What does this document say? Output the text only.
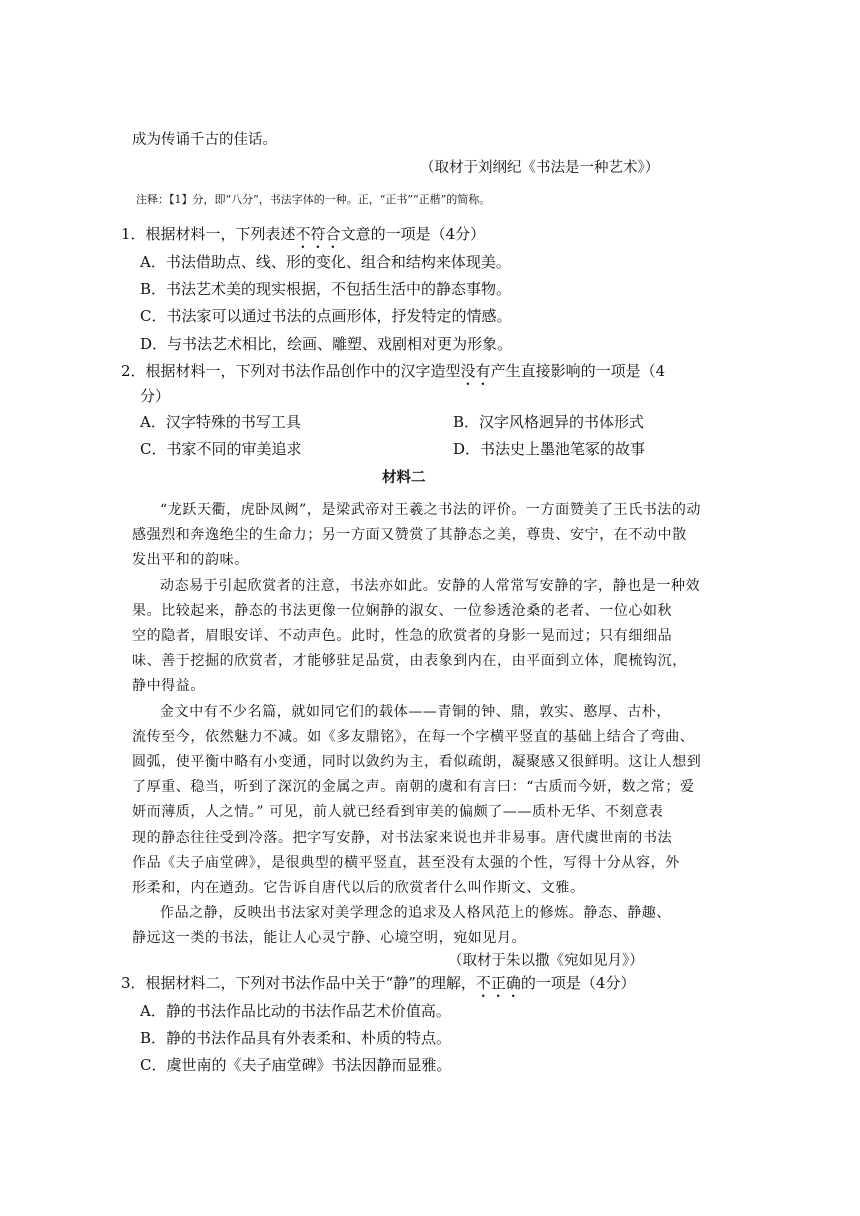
成为传诵千古的佳话。
（取材于刘纲纪《书法是一种艺术》）
注释：【1】分，即“八分”，书法字体的一种。正，“正书”“正楷”的简称。
1．根据材料一，下列表述不符合文意的一项是（4分）
A．书法借助点、线、形的变化、组合和结构来体现美。
B．书法艺术美的现实根据，不包括生活中的静态事物。
C．书法家可以通过书法的点画形体，抒发特定的情感。
D．与书法艺术相比，绘画、雕塑、戏剧相对更为形象。
2．根据材料一，下列对书法作品创作中的汉字造型没有产生直接影响的一项是（4
分）
A．汉字特殊的书写工具	B．汉字风格迥异的书体形式
C．书家不同的审美追求	D．书法史上墨池笔冢的故事
材料二
“龙跃天衢，虎卧凤阙”，是梁武帝对王羲之书法的评价。一方面赞美了王氏书法的动
感强烈和奔逸绝尘的生命力；另一方面又赞赏了其静态之美，尊贵、安宁，在不动中散
发出平和的韵味。
动态易于引起欣赏者的注意，书法亦如此。安静的人常常写安静的字，静也是一种效
果。比较起来，静态的书法更像一位娴静的淑女、一位参透沧桑的老者、一位心如秋
空的隐者，眉眼安详、不动声色。此时，性急的欣赏者的身影一晃而过；只有细细品
味、善于挖掘的欣赏者，才能够驻足品赏，由表象到内在，由平面到立体，爬梳钩沉，
静中得益。
金文中有不少名篇，就如同它们的载体——青铜的钟、鼎，敦实、憨厚、古朴，
流传至今，依然魅力不减。如《多友鼎铭》，在每一个字横平竖直的基础上结合了弯曲、
圆弧，使平衡中略有小变通，同时以敛约为主，看似疏朗，凝聚感又很鲜明。这让人想到
了厚重、稳当，听到了深沉的金属之声。南朝的虞和有言曰：“古质而今妍，数之常；爱
妍而薄质，人之情。” 可见，前人就已经看到审美的偏颇了——质朴无华、不刻意表
现的静态往往受到冷落。把字写安静，对书法家来说也并非易事。唐代虞世南的书法
作品《夫子庙堂碑》，是很典型的横平竖直，甚至没有太强的个性，写得十分从容，外
形柔和，内在遒劲。它告诉自唐代以后的欣赏者什么叫作斯文、文雅。
作品之静，反映出书法家对美学理念的追求及人格风范上的修炼。静态、静趣、
静远这一类的书法，能让人心灵宁静、心境空明，宛如见月。
（取材于朱以撒《宛如见月》）
3．根据材料二，下列对书法作品中关于“静”的理解，不正确的一项是（4分）
A．静的书法作品比动的书法作品艺术价值高。
B．静的书法作品具有外表柔和、朴质的特点。
C．虞世南的《夫子庙堂碑》书法因静而显雅。
